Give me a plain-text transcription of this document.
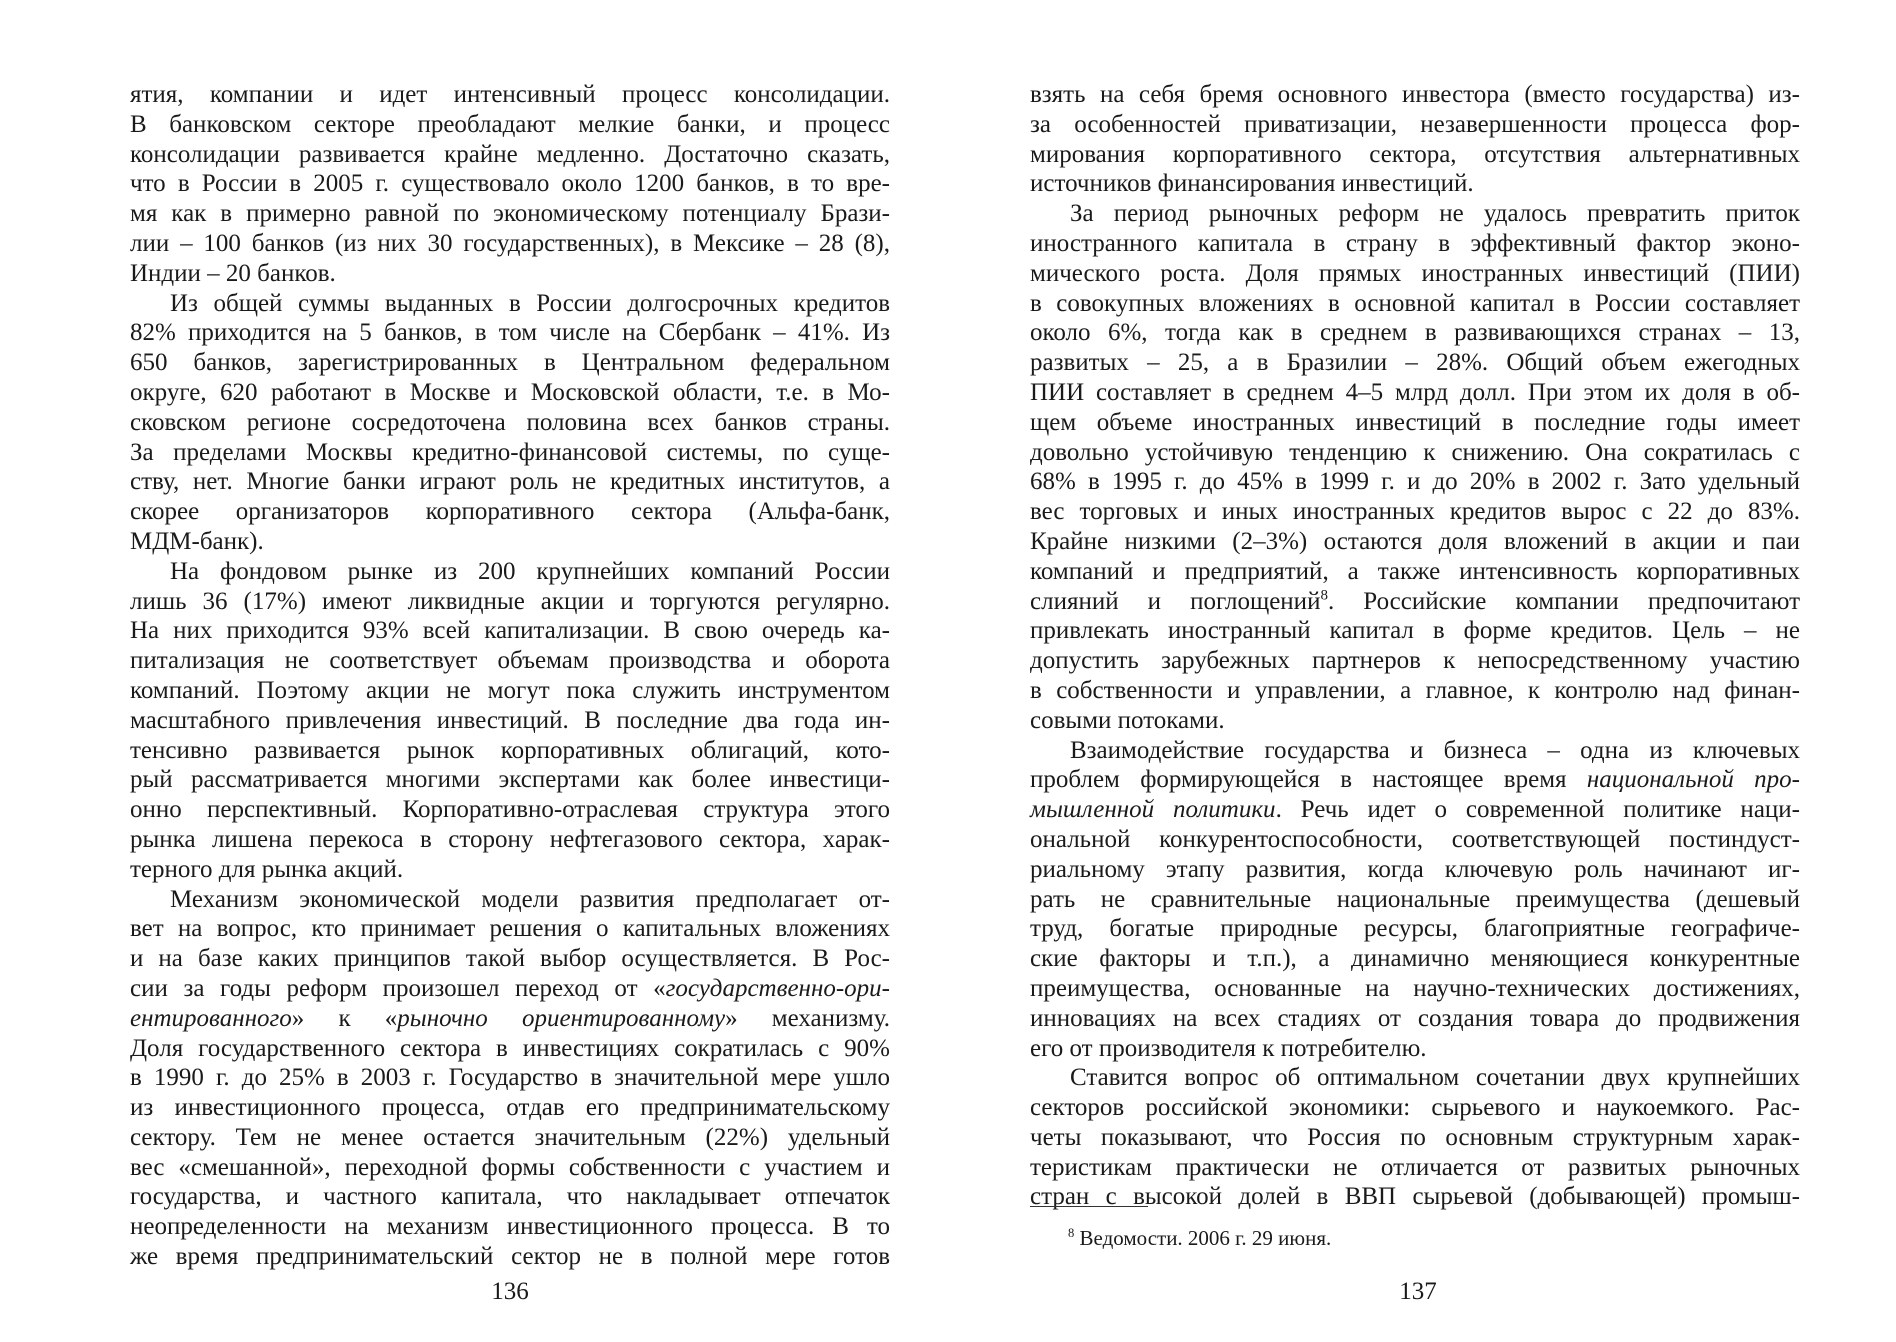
ятия, компании и идет интенсивный процесс консолидации.
В банковском секторе преобладают мелкие банки, и процесс
консолидации развивается крайне медленно. Достаточно сказать,
что в России в 2005 г. существовало около 1200 банков, в то вре-
мя как в примерно равной по экономическому потенциалу Брази-
лии – 100 банков (из них 30 государственных), в Мексике – 28 (8),
Индии – 20 банков.
Из общей суммы выданных в России долгосрочных кредитов
82% приходится на 5 банков, в том числе на Сбербанк – 41%. Из
650 банков, зарегистрированных в Центральном федеральном
округе, 620 работают в Москве и Московской области, т.е. в Мо-
сковском регионе сосредоточена половина всех банков страны.
За пределами Москвы кредитно-финансовой системы, по суще-
ству, нет. Многие банки играют роль не кредитных институтов, а
скорее организаторов корпоративного сектора (Альфа-банк,
МДМ-банк).
На фондовом рынке из 200 крупнейших компаний России
лишь 36 (17%) имеют ликвидные акции и торгуются регулярно.
На них приходится 93% всей капитализации. В свою очередь ка-
питализация не соответствует объемам производства и оборота
компаний. Поэтому акции не могут пока служить инструментом
масштабного привлечения инвестиций. В последние два года ин-
тенсивно развивается рынок корпоративных облигаций, кото-
рый рассматривается многими экспертами как более инвестици-
онно перспективный. Корпоративно-отраслевая структура этого
рынка лишена перекоса в сторону нефтегазового сектора, харак-
терного для рынка акций.
Механизм экономической модели развития предполагает от-
вет на вопрос, кто принимает решения о капитальных вложениях
и на базе каких принципов такой выбор осуществляется. В Рос-
сии за годы реформ произошел переход от «государственно-ори-
ентированного» к «рыночно ориентированному» механизму.
Доля государственного сектора в инвестициях сократилась с 90%
в 1990 г. до 25% в 2003 г. Государство в значительной мере ушло
из инвестиционного процесса, отдав его предпринимательскому
сектору. Тем не менее остается значительным (22%) удельный
вес «смешанной», переходной формы собственности с участием и
государства, и частного капитала, что накладывает отпечаток
неопределенности на механизм инвестиционного процесса. В то
же время предпринимательский сектор не в полной мере готов
136
взять на себя бремя основного инвестора (вместо государства) из-
за особенностей приватизации, незавершенности процесса фор-
мирования корпоративного сектора, отсутствия альтернативных
источников финансирования инвестиций.
За период рыночных реформ не удалось превратить приток
иностранного капитала в страну в эффективный фактор эконо-
мического роста. Доля прямых иностранных инвестиций (ПИИ)
в совокупных вложениях в основной капитал в России составляет
около 6%, тогда как в среднем в развивающихся странах – 13,
развитых – 25, а в Бразилии – 28%. Общий объем ежегодных
ПИИ составляет в среднем 4–5 млрд долл. При этом их доля в об-
щем объеме иностранных инвестиций в последние годы имеет
довольно устойчивую тенденцию к снижению. Она сократилась с
68% в 1995 г. до 45% в 1999 г. и до 20% в 2002 г. Зато удельный
вес торговых и иных иностранных кредитов вырос с 22 до 83%.
Крайне низкими (2–3%) остаются доля вложений в акции и паи
компаний и предприятий, а также интенсивность корпоративных
слияний и поглощений$^8$. Российские компании предпочитают
привлекать иностранный капитал в форме кредитов. Цель – не
допустить зарубежных партнеров к непосредственному участию
в собственности и управлении, а главное, к контролю над финан-
совыми потоками.
Взаимодействие государства и бизнеса – одна из ключевых
проблем формирующейся в настоящее время национальной про-
мышленной политики. Речь идет о современной политике наци-
ональной конкурентоспособности, соответствующей постиндуст-
риальному этапу развития, когда ключевую роль начинают иг-
рать не сравнительные национальные преимущества (дешевый
труд, богатые природные ресурсы, благоприятные географиче-
ские факторы и т.п.), а динамично меняющиеся конкурентные
преимущества, основанные на научно-технических достижениях,
инновациях на всех стадиях от создания товара до продвижения
его от производителя к потребителю.
Ставится вопрос об оптимальном сочетании двух крупнейших
секторов российской экономики: сырьевого и наукоемкого. Рас-
четы показывают, что Россия по основным структурным харак-
теристикам практически не отличается от развитых рыночных
стран с высокой долей в ВВП сырьевой (добывающей) промыш-
$^8$ Ведомости. 2006 г. 29 июня.
137
